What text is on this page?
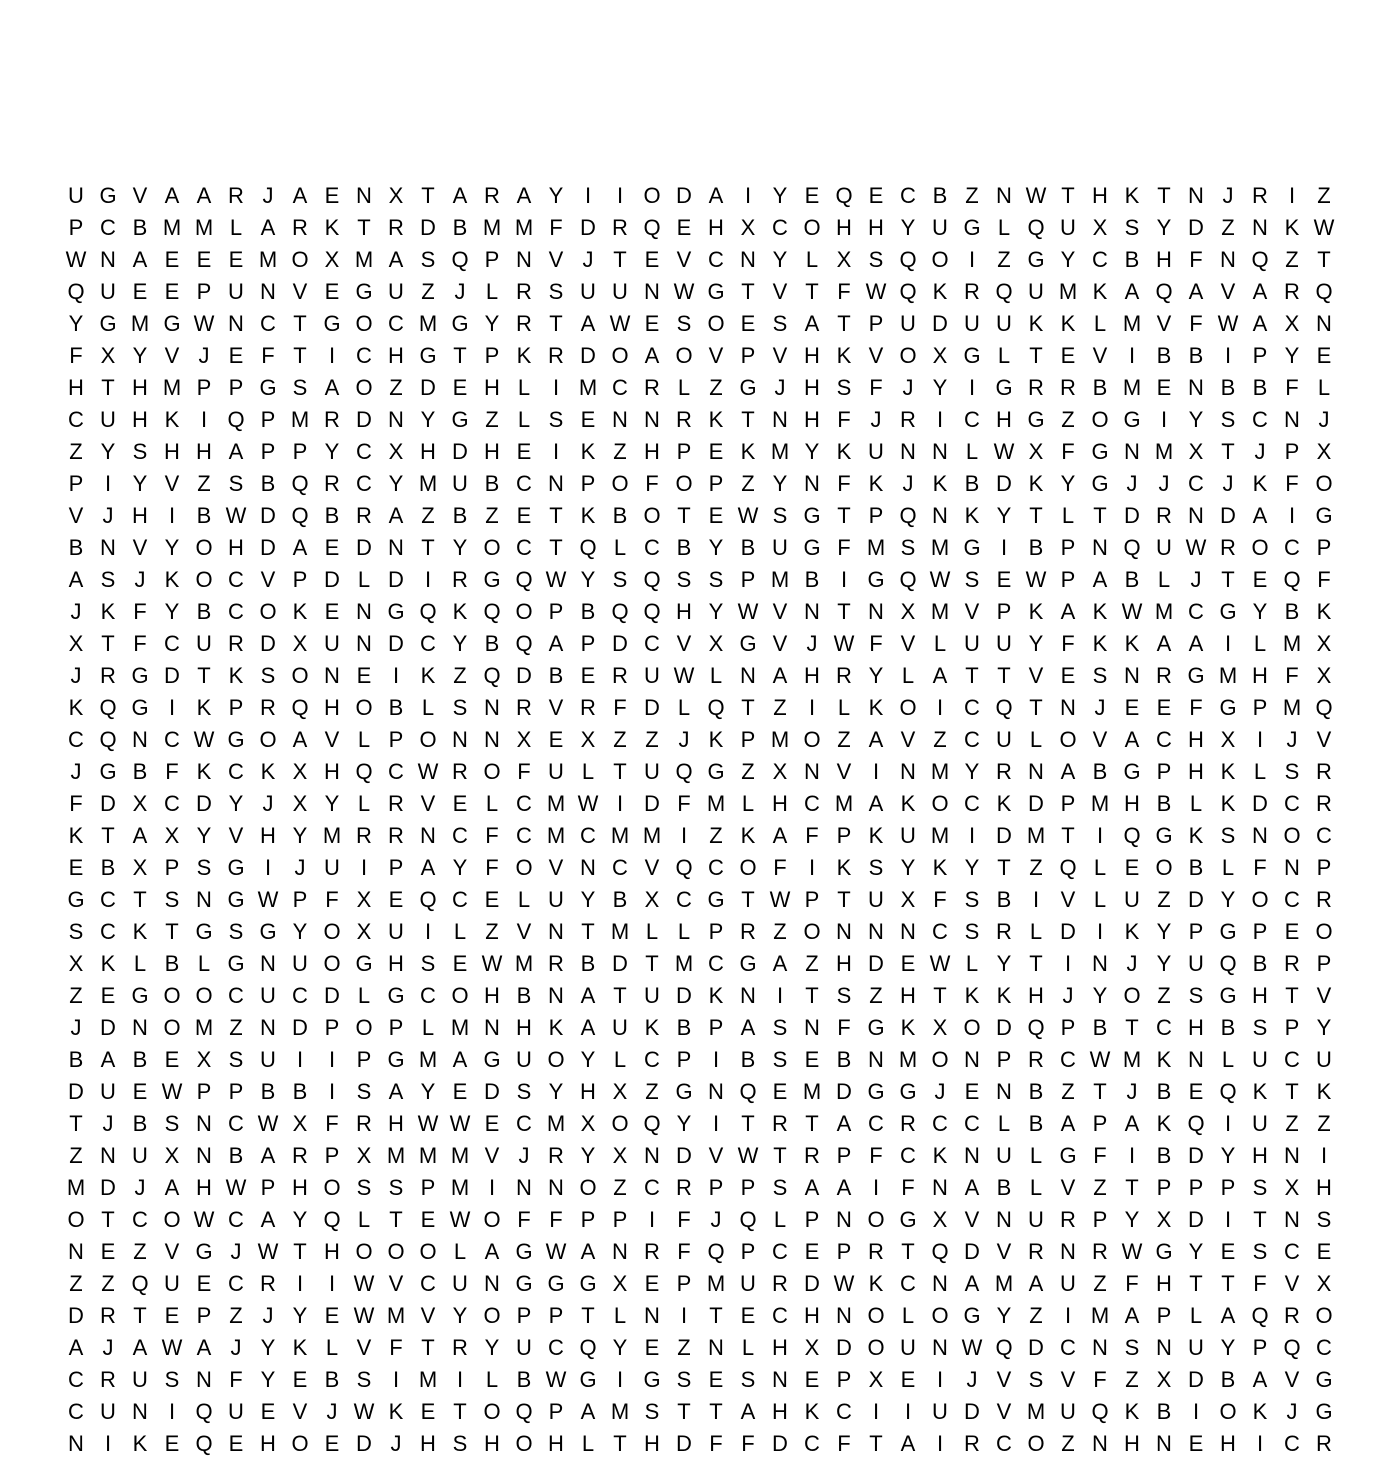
U G V A A R J A E N X T A R A Y I	I O D A I Y E Q E C B Z N W T H K T N J R I	Z
P C B M M L A R K T R D B M M F D R Q E H X C O H H Y U G L Q U X S Y D Z N K W
W N A E E E M O X M A S Q P N V J T E V C N Y L X S Q O I	Z G Y C B H F N Q Z T
Q U E E P U N V E G U Z J L R S U U N W G T V T F W Q K R Q U M K A Q A V A R Q
Y G M G W N C T G O C M G Y R T A W E S O E S A T P U D U U K K L M V F W A X N
F X Y V J E F T	I C H G T P K R D O A O V P V H K V O X G L T E V I B B I P Y E
H T H M P P G S A O Z D E H L	I M C R L Z G J H S F J Y I G R R B M E N B B F L
C U H K I Q P M R D N Y G Z L S E N N R K T N H F J R I C H G Z O G I Y S C N J
Z Y S H H A P P Y C X H D H E I K Z H P E K M Y K U N N L W X F G N M X T J P X
P I Y V Z S B Q R C Y M U B C N P O F O P Z Y N F K J K B D K Y G J J C J K F O
V J H I B W D Q B R A Z B Z E T K B O T E W S G T P Q N K Y T L T D R N D A I G
B N V Y O H D A E D N T Y O C T Q L C B Y B U G F M S M G I B P N Q U W R O C P
A S J K O C V P D L D I R G Q W Y S Q S S P M B I G Q W S E W P A B L J T E Q F
J K F Y B C O K E N G Q K Q O P B Q Q H Y W V N T N X M V P K A K W M C G Y B K
X T F C U R D X U N D C Y B Q A P D C V X G V J W F V L U U Y F K K A A I	L M X
J R G D T K S O N E I K Z Q D B E R U W L N A H R Y L A T T V E S N R G M H F X
K Q G I K P R Q H O B L S N R V R F D L Q T Z	I	L K O I C Q T N J E E F G P M Q
C Q N C W G O A V L P O N N X E X Z Z J K P M O Z A V Z C U L O V A C H X I	J V
J G B F K C K X H Q C W R O F U L T U Q G Z X N V I N M Y R N A B G P H K L S R
F D X C D Y J X Y L R V E L C M W I D F M L H C M A K O C K D P M H B L K D C R
K T A X Y V H Y M R R N C F C M C M M I	Z K A F P K U M I D M T	I Q G K S N O C
E B X P S G I	J U I P A Y F O V N C V Q C O F	I K S Y K Y T Z Q L E O B L F N P
G C T S N G W P F X E Q C E L U Y B X C G T W P T U X F S B I V L U Z D Y O C R
S C K T G S G Y O X U I	L Z V N T M L L P R Z O N N N C S R L D I K Y P G P E O
X K L B L G N U O G H S E W M R B D T M C G A Z H D E W L Y T	I N J Y U Q B R P
Z E G O O C U C D L G C O H B N A T U D K N I	T S Z H T K K H J Y O Z S G H T V
J D N O M Z N D P O P L M N H K A U K B P A S N F G K X O D Q P B T C H B S P Y
B A B E X S U I	I P G M A G U O Y L C P I B S E B N M O N P R C W M K N L U C U
D U E W P P B B I S A Y E D S Y H X Z G N Q E M D G G J E N B Z T J B E Q K T K
T J B S N C W X F R H W W E C M X O Q Y I	T R T A C R C C L B A P A K Q I U Z Z
Z N U X N B A R P X M M M V J R Y X N D V W T R P F C K N U L G F	I B D Y H N I
M D J A H W P H O S S P M I N N O Z C R P P S A A I	F N A B L V Z T P P P S X H
O T C O W C A Y Q L T E W O F F P P I	F J Q L P N O G X V N U R P Y X D I	T N S
N E Z V G J W T H O O O L A G W A N R F Q P C E P R T Q D V R N R W G Y E S C E
Z Z Q U E C R I	I W V C U N G G G X E P M U R D W K C N A M A U Z F H T T F V X
D R T E P Z J Y E W M V Y O P P T L N I	T E C H N O L O G Y Z	I M A P L A Q R O
A J A W A J Y K L V F T R Y U C Q Y E Z N L H X D O U N W Q D C N S N U Y P Q C
C R U S N F Y E B S I M I	L B W G I G S E S N E P X E I	J V S V F Z X D B A V G
C U N I Q U E V J W K E T O Q P A M S T T A H K C I	I U D V M U Q K B I O K J G
N I K E Q E H O E D J H S H O H L T H D F F D C F T A I R C O Z N H N E H I C R
